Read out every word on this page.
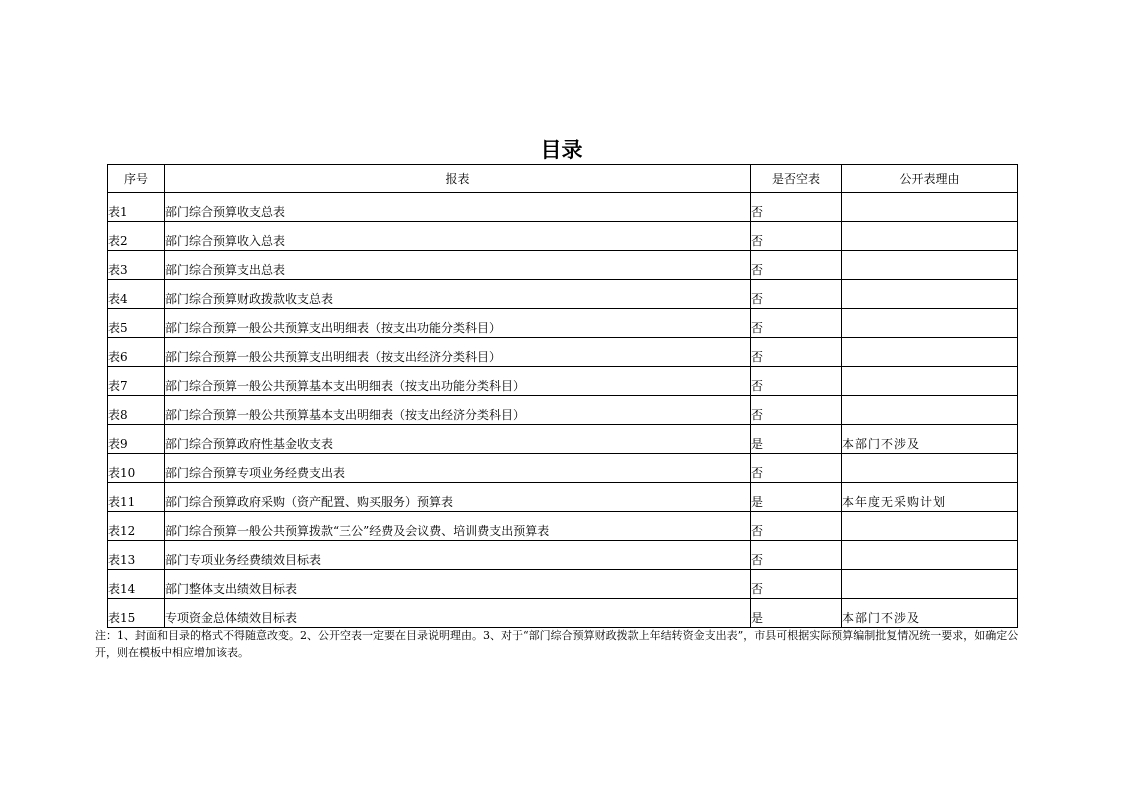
目录
序号	报表	是否空表	公开表理由
表1	部门综合预算收支总表	否	
表2	部门综合预算收入总表	否	
表3	部门综合预算支出总表	否	
表4	部门综合预算财政拨款收支总表	否	
表5	部门综合预算一般公共预算支出明细表（按支出功能分类科目）	否	
表6	部门综合预算一般公共预算支出明细表（按支出经济分类科目）	否	
表7	部门综合预算一般公共预算基本支出明细表（按支出功能分类科目）	否	
表8	部门综合预算一般公共预算基本支出明细表（按支出经济分类科目）	否	
表9	部门综合预算政府性基金收支表	是	本部门不涉及
表10	部门综合预算专项业务经费支出表	否	
表11	部门综合预算政府采购（资产配置、购买服务）预算表	是	本年度无采购计划
表12	部门综合预算一般公共预算拨款“三公”经费及会议费、培训费支出预算表	否	
表13	部门专项业务经费绩效目标表	否	
表14	部门整体支出绩效目标表	否	
表15	专项资金总体绩效目标表	是	本部门不涉及
注：1、封面和目录的格式不得随意改变。2、公开空表一定要在目录说明理由。3、对于“部门综合预算财政拨款上年结转资金支出表”，市县可根据实际预算编制批复情况统一要求，如确定公开，则在模板中相应增加该表。
